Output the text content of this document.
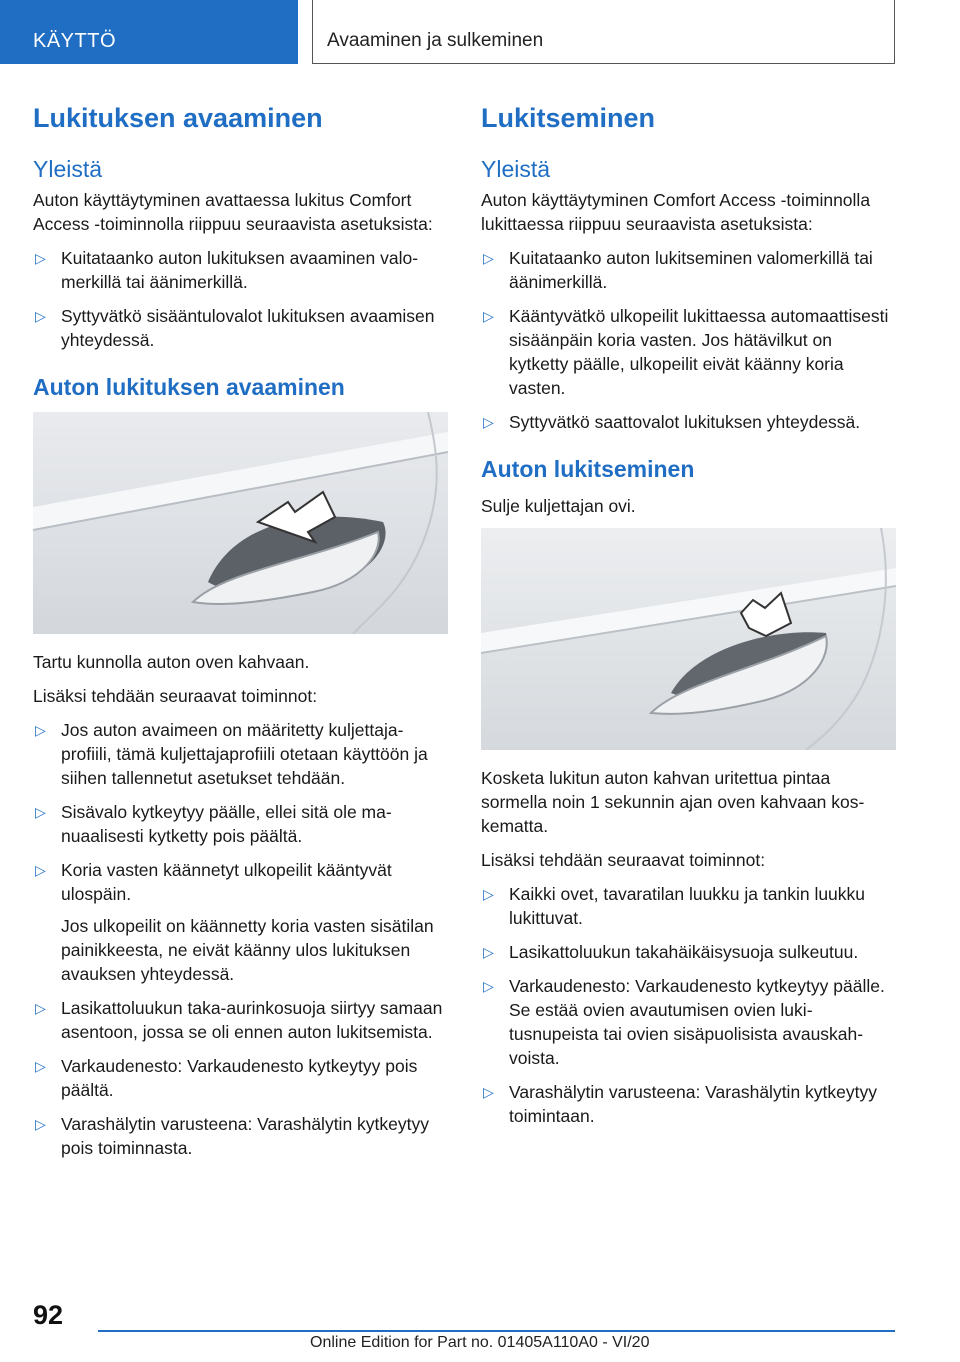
KÄYTTÖ	Avaaminen ja sulkeminen
Lukituksen avaaminen
Yleistä

Auton käyttäytyminen avattaessa lukitus Comfort Access -toiminnolla riippuu seuraavista asetuksista:

▷ Kuitataanko auton lukituksen avaaminen valomerkillä tai äänimerkillä.
▷ Syttyvätkö sisääntulovalot lukituksen avaamisen yhteydessä.
Auton lukituksen avaaminen

Tartu kunnolla auton oven kahvaan.

Lisäksi tehdään seuraavat toiminnot:

▷ Jos auton avaimeen on määritetty kuljettajaprofiili, tämä kuljettajaprofiili otetaan käyttöön ja siihen tallennetut asetukset tehdään.
▷ Sisävalo kytkeytyy päälle, ellei sitä ole manuaalisesti kytketty pois päältä.
▷ Koria vasten käännetyt ulkopeilit kääntyvät ulospäin.
Jos ulkopeilit on käännetty koria vasten sisätilan painikkeesta, ne eivät käänny ulos lukituksen avauksen yhteydessä.
▷ Lasikattoluukun taka-aurinkosuoja siirtyy samaan asentoon, jossa se oli ennen auton lukitsemista.
▷ Varkaudenesto: Varkaudenesto kytkeytyy pois päältä.
▷ Varashälytin varusteena: Varashälytin kytkeytyy pois toiminnasta.
Lukitseminen
Yleistä

Auton käyttäytyminen Comfort Access -toiminnolla lukittaessa riippuu seuraavista asetuksista:

▷ Kuitataanko auton lukitseminen valomerkillä tai äänimerkillä.
▷ Kääntyvätkö ulkopeilit lukittaessa automaattisesti sisäänpäin koria vasten. Jos hätävilkut on kytketty päälle, ulkopeilit eivät käänny koria vasten.
▷ Syttyvätkö saattovalot lukituksen yhteydessä.
Auton lukitseminen

Sulje kuljettajan ovi.

Kosketa lukitun auton kahvan uritettua pintaa sormella noin 1 sekunnin ajan oven kahvaan koskematta.

Lisäksi tehdään seuraavat toiminnot:

▷ Kaikki ovet, tavaratilan luukku ja tankin luukku lukittuvat.
▷ Lasikattoluukun takahäikäisysuoja sulkeutuu.
▷ Varkaudenesto: Varkaudenesto kytkeytyy päälle. Se estää ovien avautumisen ovien lukitusnupeista tai ovien sisäpuolisista avauskahvoista.
▷ Varashälytin varusteena: Varashälytin kytkeytyy toimintaan.
92
Online Edition for Part no. 01405A110A0 - VI/20
